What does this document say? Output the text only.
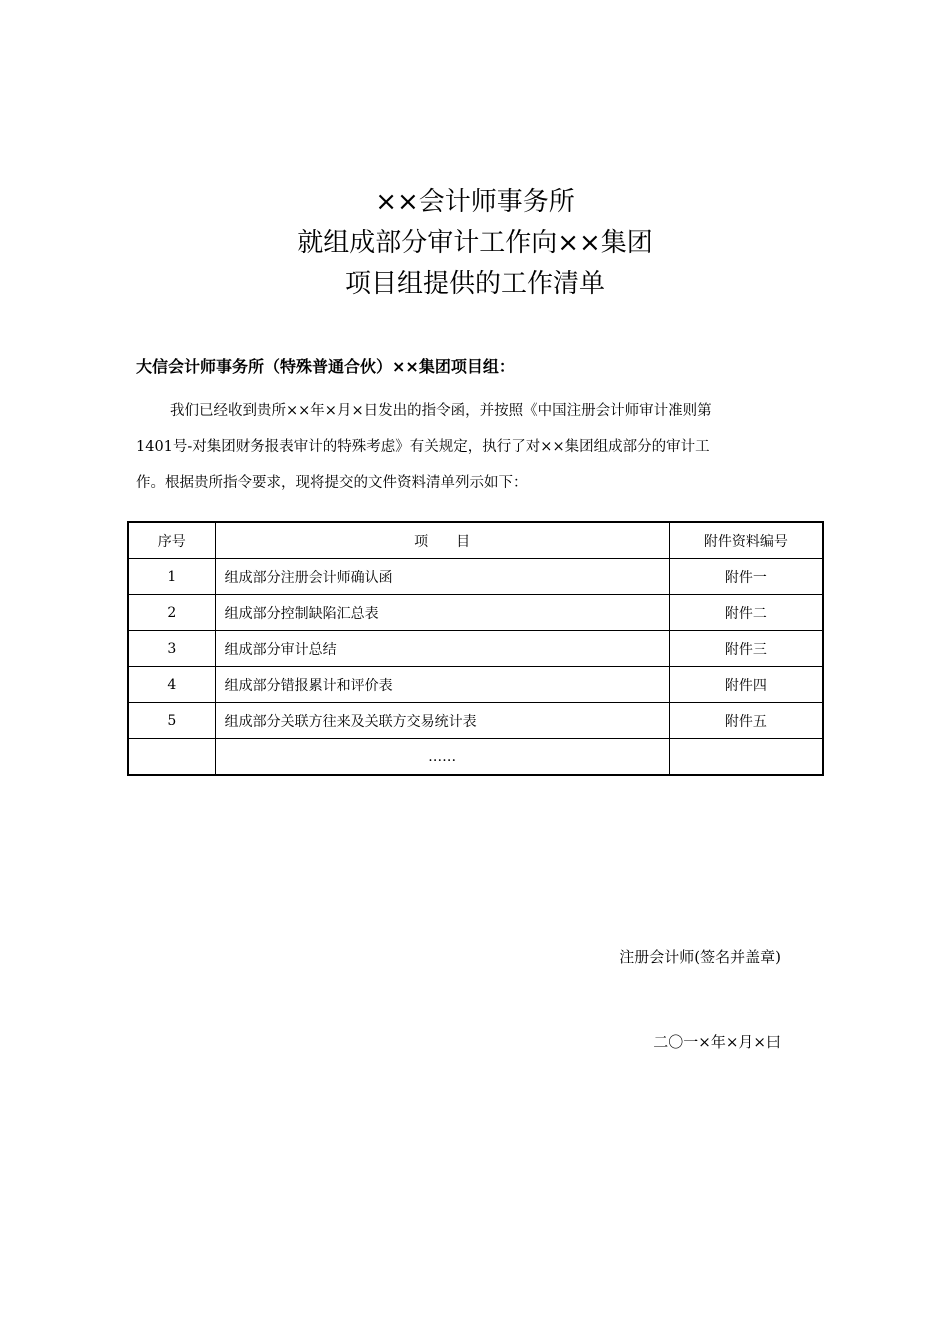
××会计师事务所
就组成部分审计工作向××集团
项目组提供的工作清单
大信会计师事务所（特殊普通合伙）××集团项目组：
我们已经收到贵所××年×月×日发出的指令函，并按照《中国注册会计师审计准则第
1401号-对集团财务报表审计的特殊考虑》有关规定，执行了对××集团组成部分的审计工
作。根据贵所指令要求，现将提交的文件资料清单列示如下：
序号	项　　目	附件资料编号
1	组成部分注册会计师确认函	附件一
2	组成部分控制缺陷汇总表	附件二
3	组成部分审计总结	附件三
4	组成部分错报累计和评价表	附件四
5	组成部分关联方往来及关联方交易统计表	附件五
	……	
注册会计师(签名并盖章)
二〇一×年×月×曰
